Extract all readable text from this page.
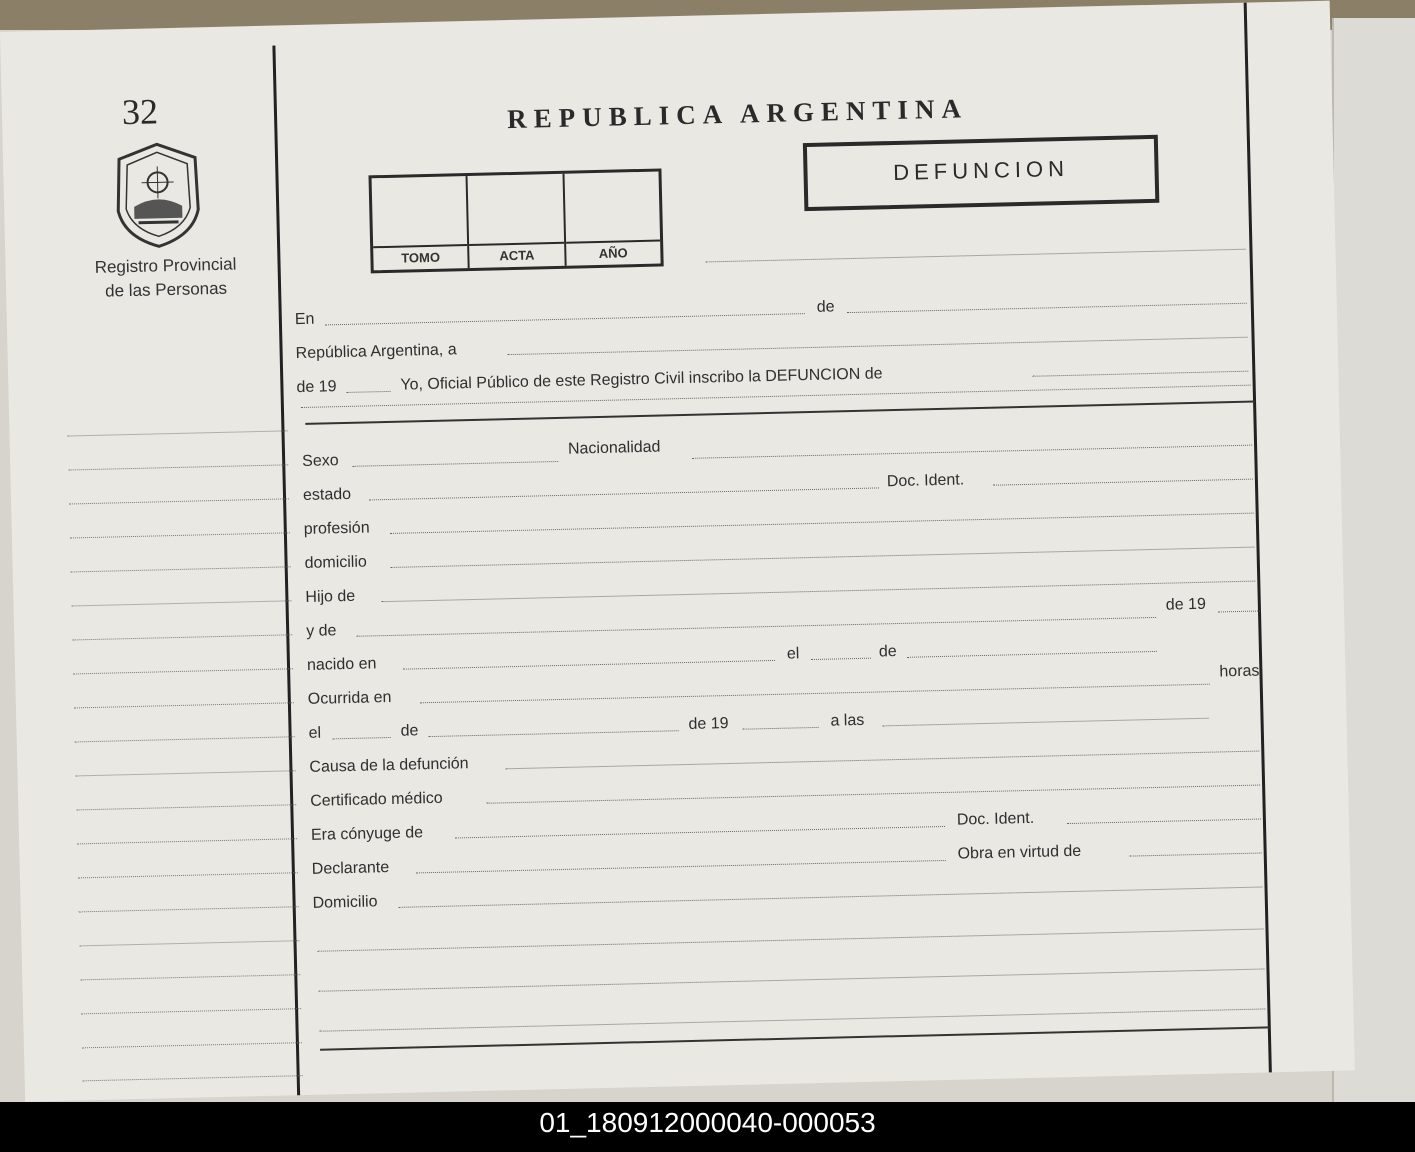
32
Registro Provincial
de las Personas
REPUBLICA ARGENTINA
TOMO	ACTA	AÑO
DEFUNCION
En
de
República Argentina, a
de 19	Yo, Oficial Público de este Registro Civil inscribo la DEFUNCION de
Sexo
Nacionalidad
estado
Doc. Ident.
profesión
domicilio
Hijo de
y de
de 19
nacido en
el	de
Ocurrida en
horas
el	de	de 19	a las
Causa de la defunción
Certificado médico
Era cónyuge de
Doc. Ident.
Declarante
Obra en virtud de
Domicilio
01_180912000040-000053
